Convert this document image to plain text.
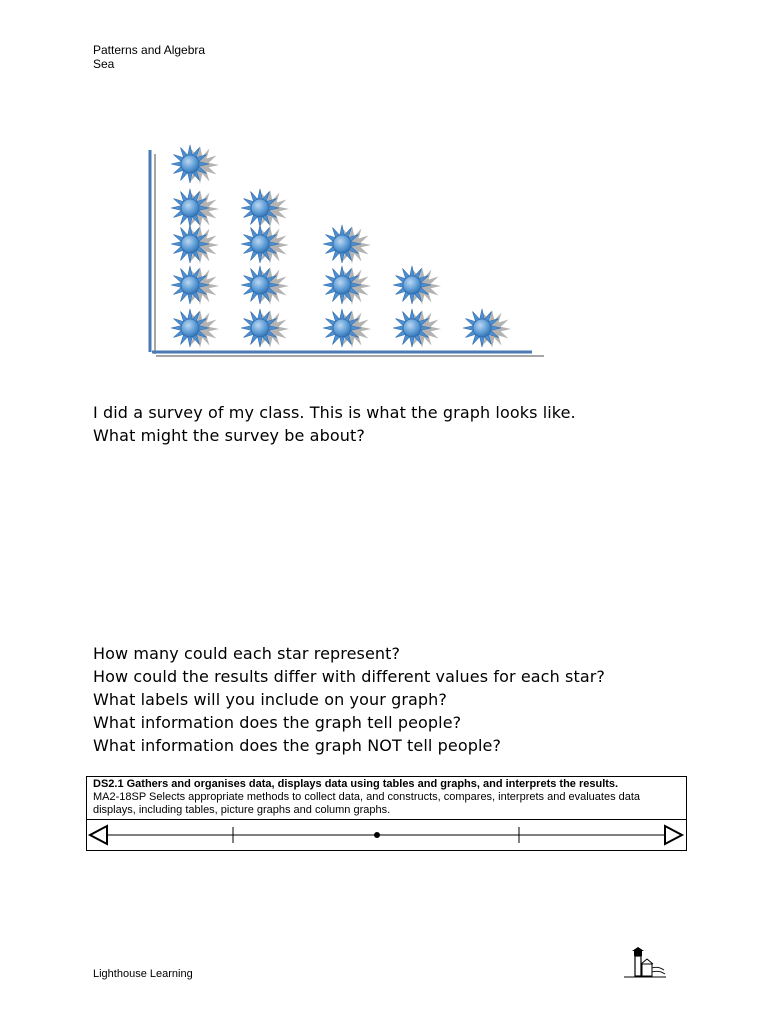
Patterns and Algebra
Sea
I did a survey of my class. This is what the graph looks like.
What might the survey be about?
How many could each star represent?
How could the results differ with different values for each star?
What labels will you include on your graph?
What information does the graph tell people?
What information does the graph NOT tell people?
DS2.1 Gathers and organises data, displays data using tables and graphs, and interprets the results.
MA2-18SP Selects appropriate methods to collect data, and constructs, compares, interprets and evaluates data displays, including tables, picture graphs and column graphs.
Lighthouse Learning
